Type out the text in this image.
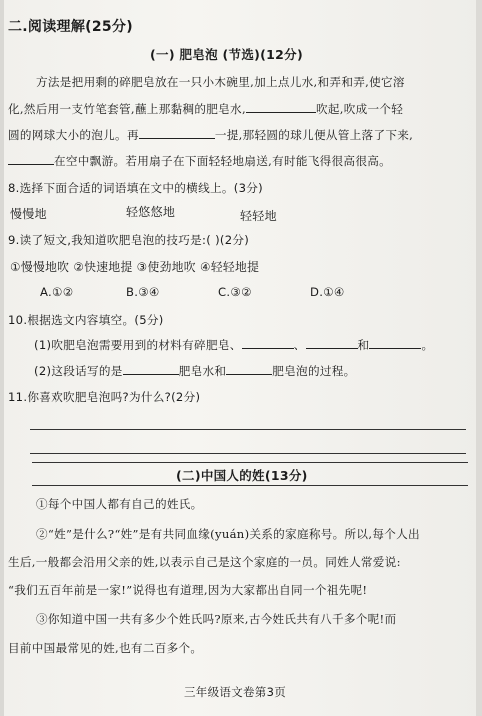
二.阅读理解(25分)
(一) 肥皂泡 (节选)(12分)
方法是把用剩的碎肥皂放在一只小木碗里,加上点儿水,和弄和弄,使它溶
化,然后用一支竹笔套管,蘸上那黏稠的肥皂水,	吹起,吹成一个轻
圆的网球大小的泡儿。再	一提,那轻圆的球儿便从管上落了下来,
在空中飘游。若用扇子在下面轻轻地扇送,有时能飞得很高很高。
8.选择下面合适的词语填在文中的横线上。(3分)
慢慢地	轻悠悠地	轻轻地
9.读了短文,我知道吹肥皂泡的技巧是:( )(2分)
①慢慢地吹 ②快速地提 ③使劲地吹 ④轻轻地提
A.①②	B.③④	C.③②	D.①④
10.根据选文内容填空。(5分)
(1)吹肥皂泡需要用到的材料有碎肥皂、	、	和	。
(2)这段话写的是	肥皂水和	肥皂泡的过程。
11.你喜欢吹肥皂泡吗?为什么?(2分)
(二)中国人的姓(13分)
①每个中国人都有自己的姓氏。
②“姓”是什么?“姓”是有共同血缘(yuán)关系的家庭称号。所以,每个人出
生后,一般都会沿用父亲的姓,以表示自己是这个家庭的一员。同姓人常爱说:
“我们五百年前是一家!”说得也有道理,因为大家都出自同一个祖先呢!
③你知道中国一共有多少个姓氏吗?原来,古今姓氏共有八千多个呢!而
目前中国最常见的姓,也有二百多个。
三年级语文卷第3页
